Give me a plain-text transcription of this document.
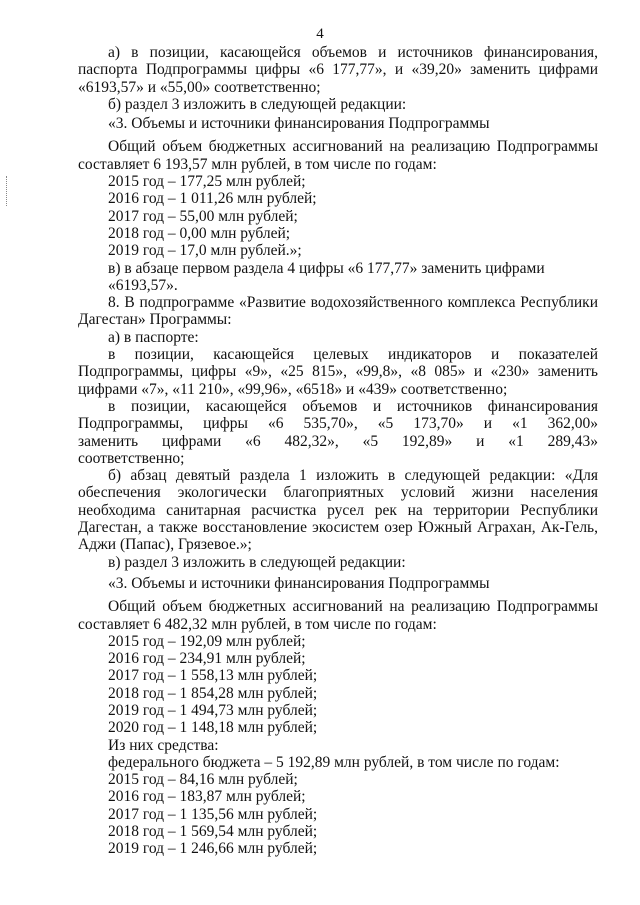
4

а) в позиции, касающейся объемов и источников финансирования, паспорта Подпрограммы цифры «6 177,77», и «39,20» заменить цифрами «6193,57» и «55,00» соответственно;

б) раздел 3 изложить в следующей редакции:

«3. Объемы и источники финансирования Подпрограммы

Общий объем бюджетных ассигнований на реализацию Подпрограммы составляет 6 193,57 млн рублей, в том числе по годам:

2015 год – 177,25 млн рублей;

2016 год – 1 011,26 млн рублей;

2017 год – 55,00 млн рублей;

2018 год – 0,00 млн рублей;

2019 год – 17,0 млн рублей.»;

в) в абзаце первом раздела 4 цифры «6 177,77» заменить цифрами «6193,57».

8. В подпрограмме «Развитие водохозяйственного комплекса Республики Дагестан» Программы:

а) в паспорте:

в позиции, касающейся целевых индикаторов и показателей Подпрограммы, цифры «9», «25 815», «99,8», «8 085» и «230» заменить цифрами «7», «11 210», «99,96», «6518» и «439» соответственно;

в позиции, касающейся объемов и источников финансирования Подпрограммы, цифры «6 535,70», «5 173,70» и «1 362,00» заменить цифрами «6 482,32», «5 192,89» и «1 289,43» соответственно;

б) абзац девятый раздела 1 изложить в следующей редакции: «Для обеспечения экологически благоприятных условий жизни населения необходима санитарная расчистка русел рек на территории Республики Дагестан, а также восстановление экосистем озер Южный Аграхан, Ак-Гель, Аджи (Папас), Грязевое.»;

в) раздел 3 изложить в следующей редакции:

«3. Объемы и источники финансирования Подпрограммы

Общий объем бюджетных ассигнований на реализацию Подпрограммы составляет 6 482,32 млн рублей, в том числе по годам:

2015 год – 192,09 млн рублей;

2016 год – 234,91 млн рублей;

2017 год – 1 558,13 млн рублей;

2018 год – 1 854,28 млн рублей;

2019 год – 1 494,73 млн рублей;

2020 год – 1 148,18 млн рублей;

Из них средства:

федерального бюджета – 5 192,89 млн рублей, в том числе по годам:

2015 год – 84,16 млн рублей;

2016 год – 183,87 млн рублей;

2017 год – 1 135,56 млн рублей;

2018 год – 1 569,54 млн рублей;

2019 год – 1 246,66 млн рублей;
